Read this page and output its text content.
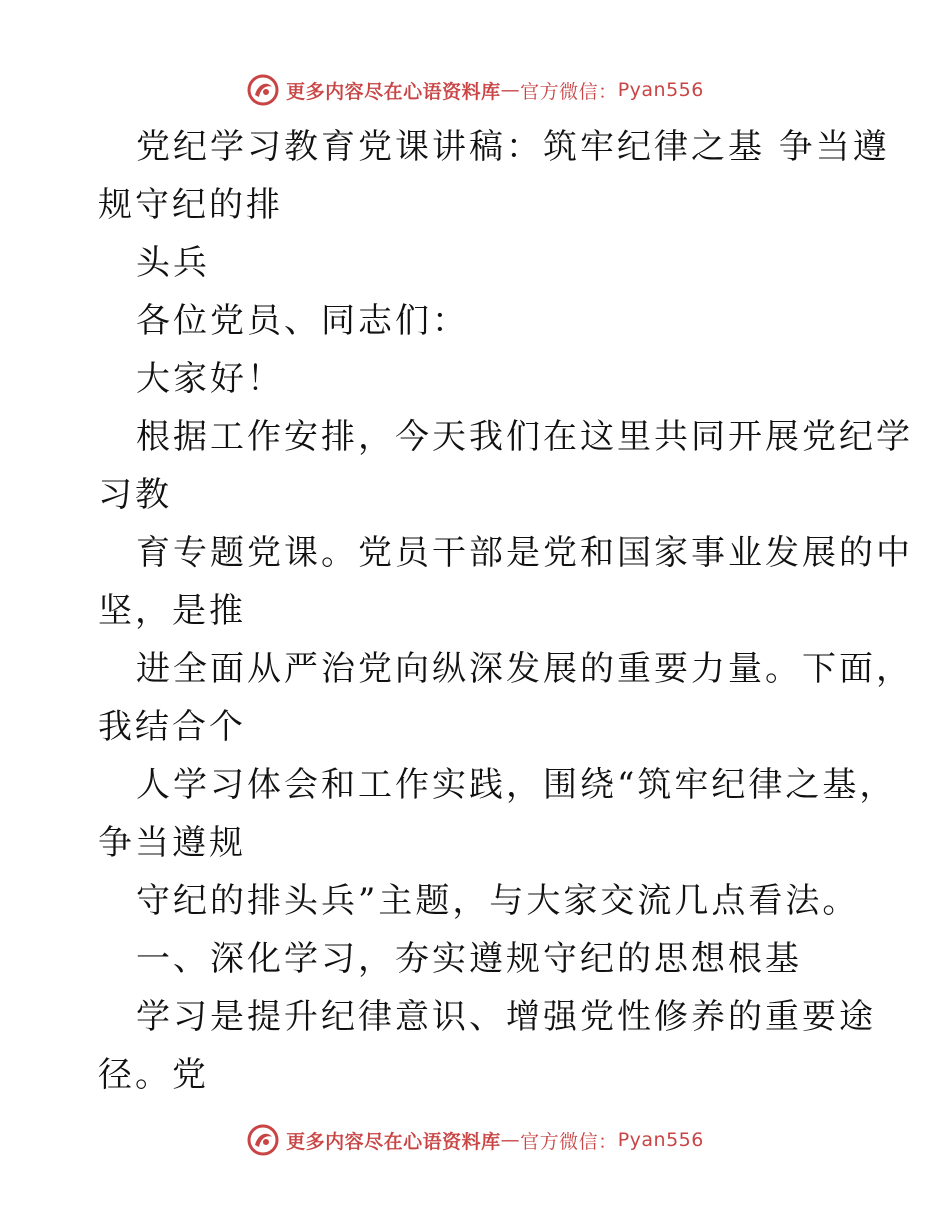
更多内容尽在心语资料库 — 官方微信： Pyan556
党纪学习教育党课讲稿：筑牢纪律之基 争当遵
规守纪的排
头兵
各位党员、同志们：
大家好！
根据工作安排，今天我们在这里共同开展党纪学
习教
育专题党课。党员干部是党和国家事业发展的中
坚，是推
进全面从严治党向纵深发展的重要力量。下面，
我结合个
人学习体会和工作实践，围绕“筑牢纪律之基，
争当遵规
守纪的排头兵”主题，与大家交流几点看法。
一、深化学习，夯实遵规守纪的思想根基
学习是提升纪律意识、增强党性修养的重要途
径。党
更多内容尽在心语资料库 — 官方微信： Pyan556
